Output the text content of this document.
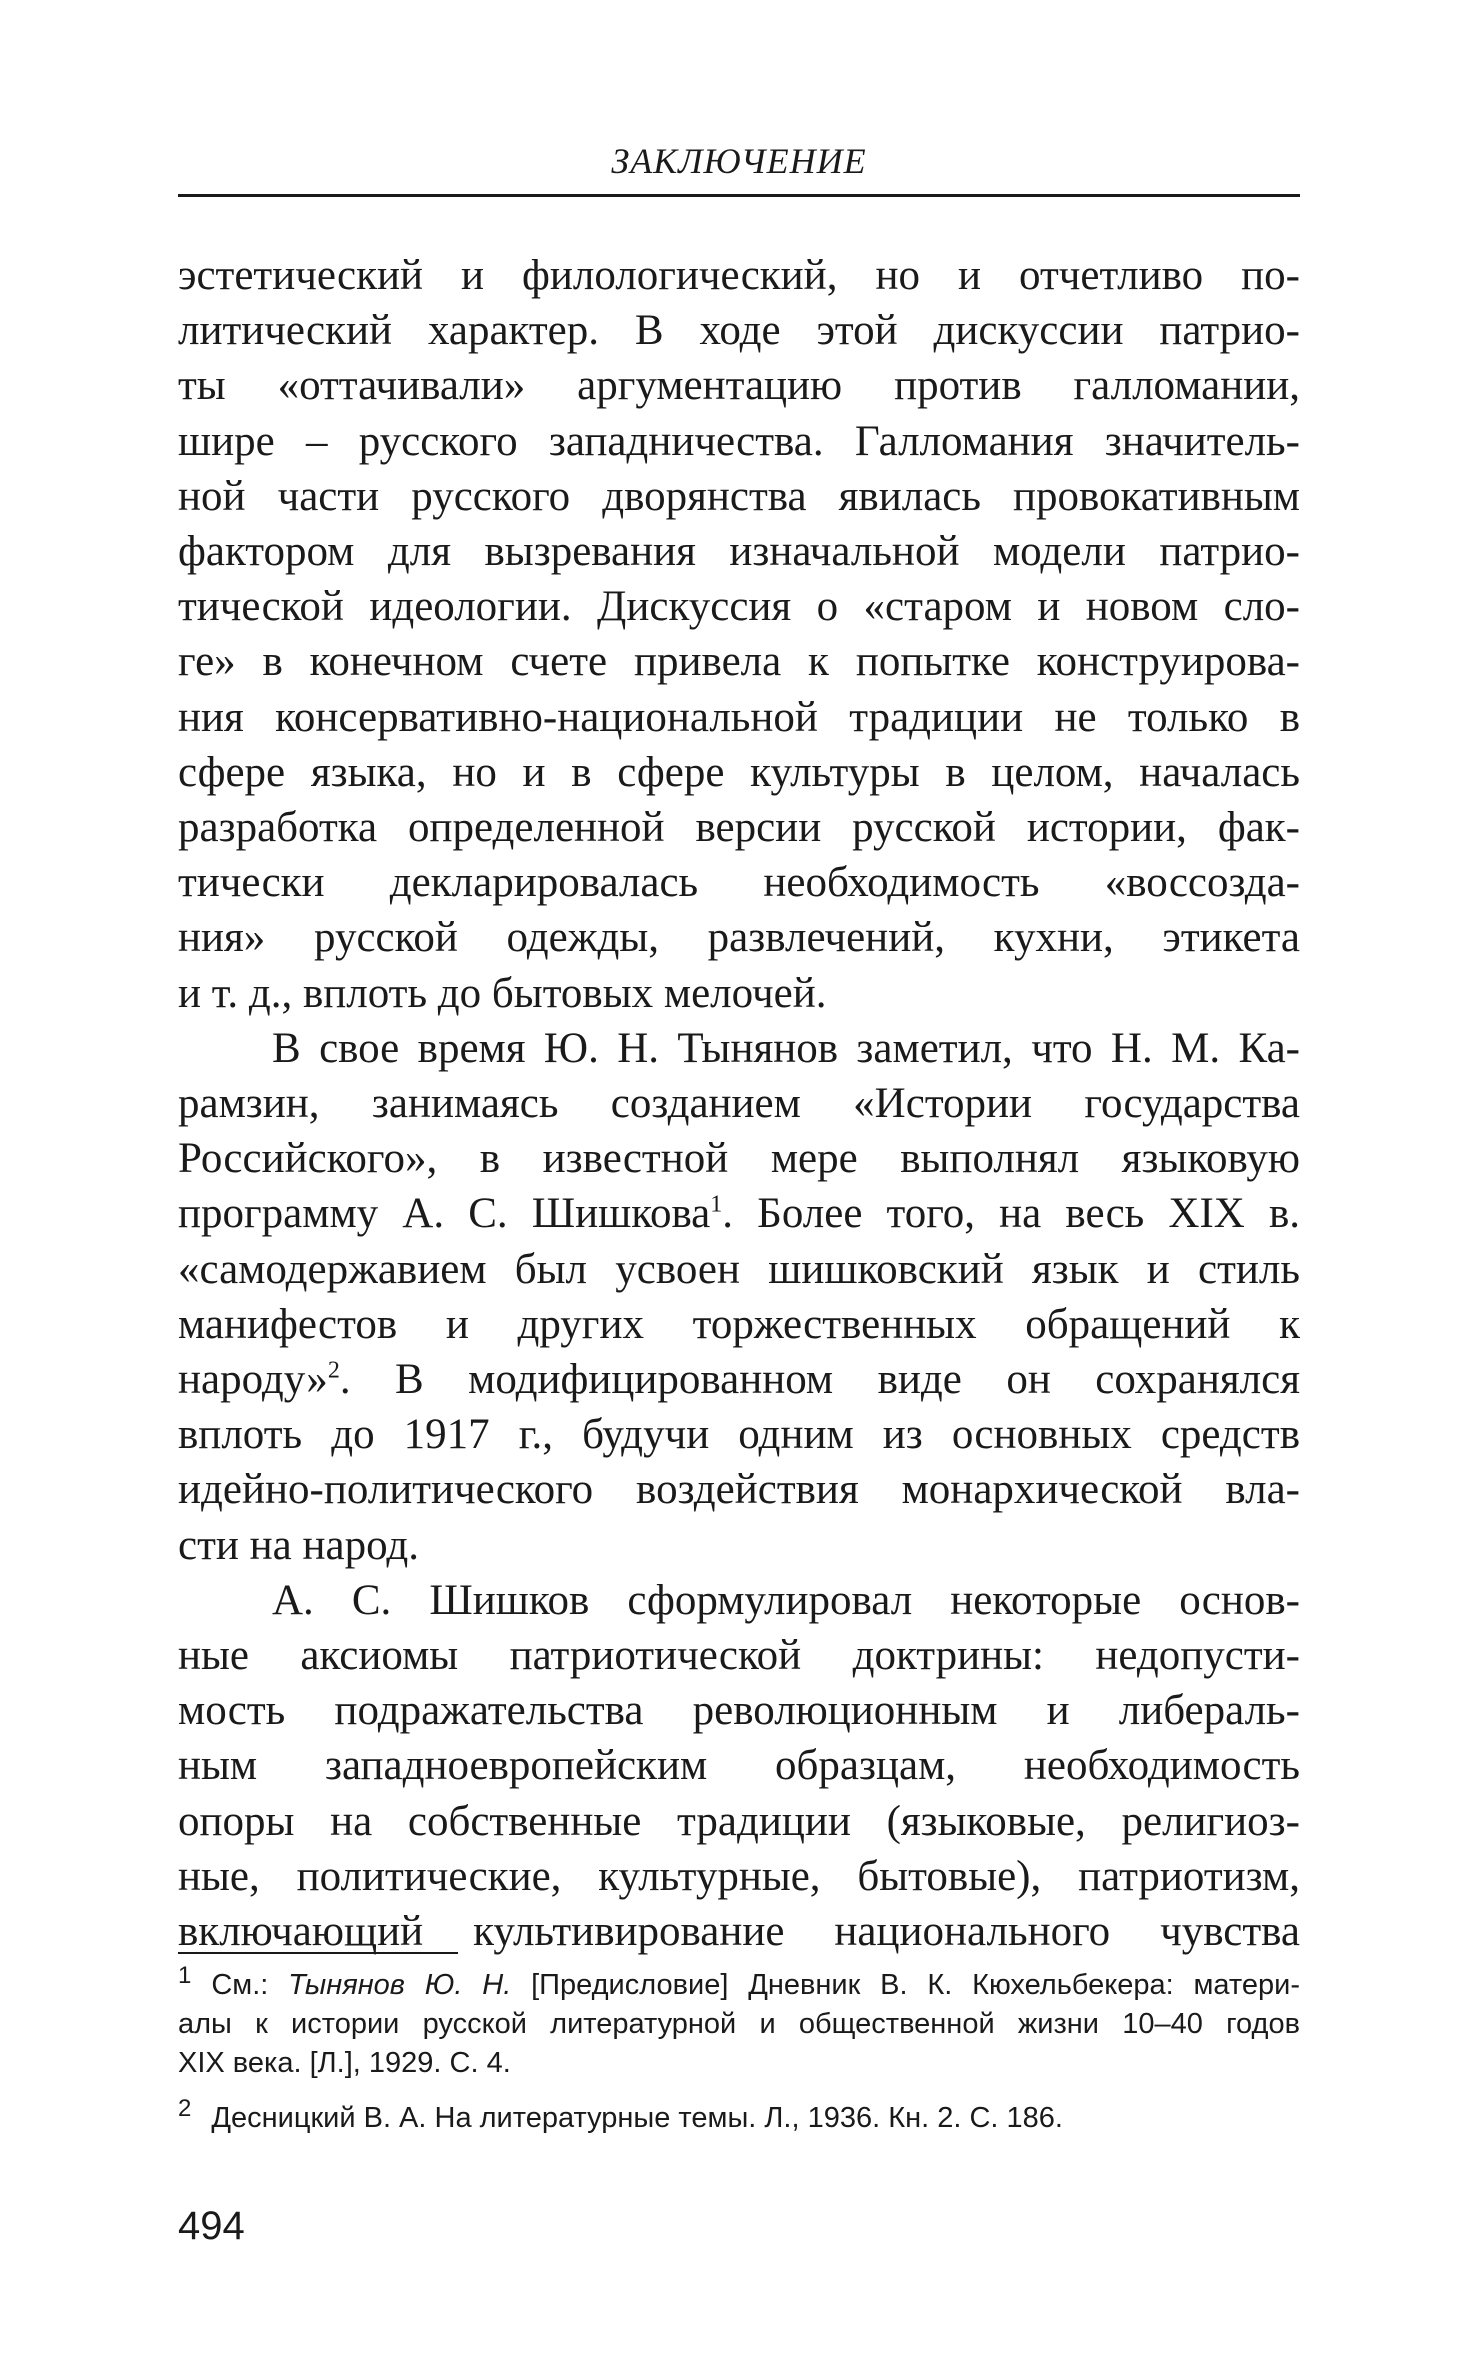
ЗАКЛЮЧЕНИЕ
эстетический и филологический, но и отчетливо по-
литический характер. В ходе этой дискуссии патрио-
ты «оттачивали» аргументацию против галломании,
шире – русского западничества. Галломания значитель-
ной части русского дворянства явилась провокативным
фактором для вызревания изначальной модели патрио-
тической идеологии. Дискуссия о «старом и новом сло-
ге» в конечном счете привела к попытке конструирова-
ния консервативно-национальной традиции не только в
сфере языка, но и в сфере культуры в целом, началась
разработка определенной версии русской истории, фак-
тически декларировалась необходимость «воссозда-
ния» русской одежды, развлечений, кухни, этикета
и т. д., вплоть до бытовых мелочей.
В свое время Ю. Н. Тынянов заметил, что Н. М. Ка-
рамзин, занимаясь созданием «Истории государства
Российского», в известной мере выполнял языковую
программу А. С. Шишкова$^1$. Более того, на весь XIX в.
«самодержавием был усвоен шишковский язык и стиль
манифестов и других торжественных обращений к
народу»$^2$. В модифицированном виде он сохранялся
вплоть до 1917 г., будучи одним из основных средств
идейно-политического воздействия монархической вла-
сти на народ.
А. С. Шишков сформулировал некоторые основ-
ные аксиомы патриотической доктрины: недопусти-
мость подражательства революционным и либераль-
ным западноевропейским образцам, необходимость
опоры на собственные традиции (языковые, религиоз-
ные, политические, культурные, бытовые), патриотизм,
включающий культивирование национального чувства
$^1$ См.: Тынянов Ю. Н. [Предисловие] Дневник В. К. Кюхельбекера: матери-
алы к истории русской литературной и общественной жизни 10–40 годов
XIX века. [Л.], 1929. С. 4.
$^2$ Десницкий В. А. На литературные темы. Л., 1936. Кн. 2. С. 186.
494
